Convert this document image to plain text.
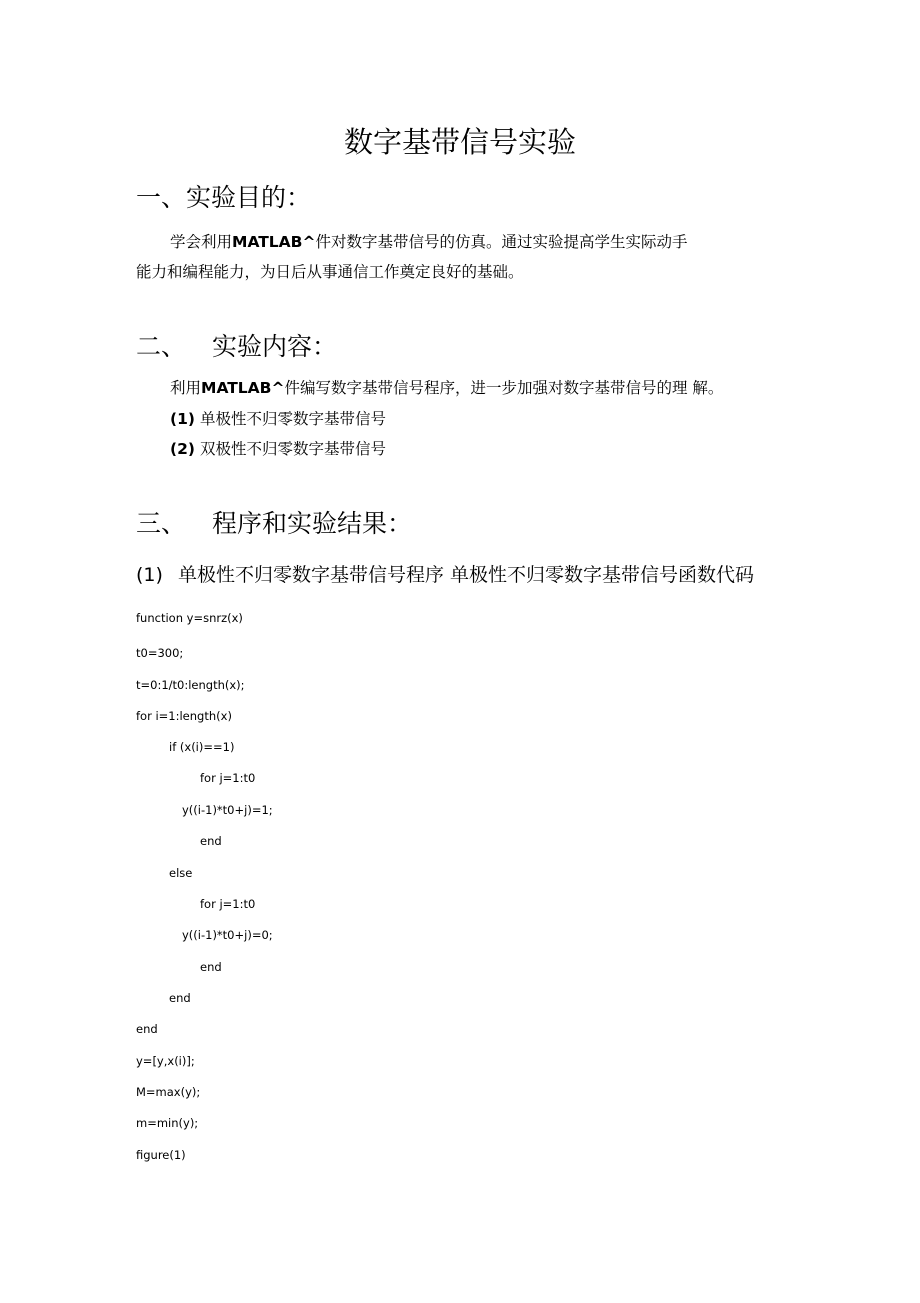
数字基带信号实验
一、实验目的：

学会利用MATLAB^件对数字基带信号的仿真。通过实验提高学生实际动手

能力和编程能力，为日后从事通信工作奠定良好的基础。

二、 实验内容：

利用MATLAB^件编写数字基带信号程序，进一步加强对数字基带信号的理 解。

(1) 单极性不归零数字基带信号
(2) 双极性不归零数字基带信号
三、 程序和实验结果：
(1) 单极性不归零数字基带信号程序 单极性不归零数字基带信号函数代码
function y=snrz(x)
t0=300;
t=0:1/t0:length(x);
for i=1:length(x)
if (x(i)==1)
for j=1:t0
y((i-1)*t0+j)=1;
end
else
for j=1:t0
y((i-1)*t0+j)=0;
end
end
end
y=[y,x(i)];
M=max(y);
m=min(y);
figure(1)
